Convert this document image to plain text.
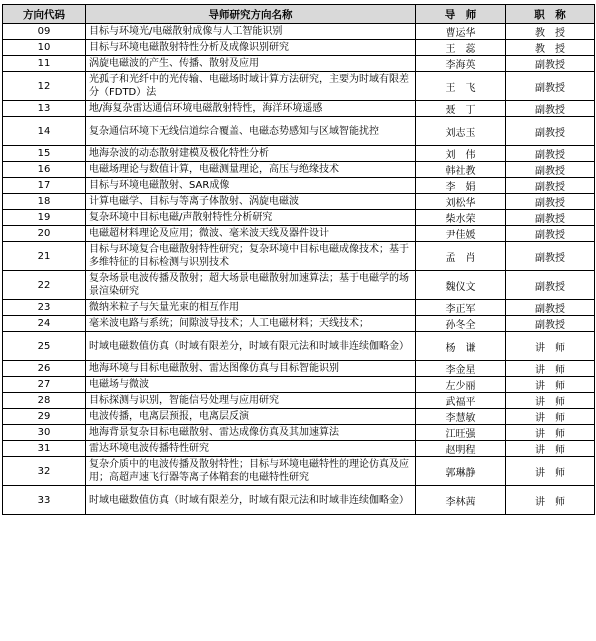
方向代码	导师研究方向名称	导　师	职　称
09	目标与环境光/电磁散射成像与人工智能识别	曹运华	教　授
10	目标与环境电磁散射特性分析及成像识别研究	王　蕊	教　授
11	涡旋电磁波的产生、传播、散射及应用	李海英	副教授
12	光孤子和光纤中的光传输、电磁场时域计算方法研究，主要为时域有限差分（FDTD）法	王　飞	副教授
13	地/海复杂雷达通信环境电磁散射特性，海洋环境遥感	聂　丁	副教授
14	复杂通信环境下无线信道综合覆盖、电磁态势感知与区域智能扰控	刘志玉	副教授
15	地海杂波的动态散射建模及极化特性分析	刘　伟	副教授
16	电磁场理论与数值计算，电磁测量理论，高压与绝缘技术	韩社教	副教授
17	目标与环境电磁散射、SAR成像	李　娟	副教授
18	计算电磁学、目标与等离子体散射、涡旋电磁波	刘松华	副教授
19	复杂环境中目标电磁/声散射特性分析研究	柴水荣	副教授
20	电磁超材料理论及应用；微波、毫米波天线及器件设计	尹佳媛	副教授
21	目标与环境复合电磁散射特性研究；复杂环境中目标电磁成像技术；基于多维特征的目标检测与识别技术	孟　肖	副教授
22	复杂场景电波传播及散射；超大场景电磁散射加速算法；基于电磁学的场景渲染研究	魏仪文	副教授
23	微纳米粒子与矢量光束的相互作用	李正军	副教授
24	毫米波电路与系统；间隙波导技术；人工电磁材料；天线技术；	孙冬全	副教授
25	时域电磁数值仿真（时域有限差分，时域有限元法和时域非连续伽略金）	杨　谦	讲　师
26	地海环境与目标电磁散射、雷达图像仿真与目标智能识别	李金星	讲　师
27	电磁场与微波	左少丽	讲　师
28	目标探测与识别，智能信号处理与应用研究	武福平	讲　师
29	电波传播，电离层预报，电离层反演	李慧敏	讲　师
30	地海背景复杂目标电磁散射、雷达成像仿真及其加速算法	江旺强	讲　师
31	雷达环境电波传播特性研究	赵明程	讲　师
32	复杂介质中的电波传播及散射特性；目标与环境电磁特性的理论仿真及应用；高超声速飞行器等离子体鞘套的电磁特性研究	郭琳静	讲　师
33	时域电磁数值仿真（时域有限差分，时域有限元法和时域非连续伽略金）	李林茜	讲　师
